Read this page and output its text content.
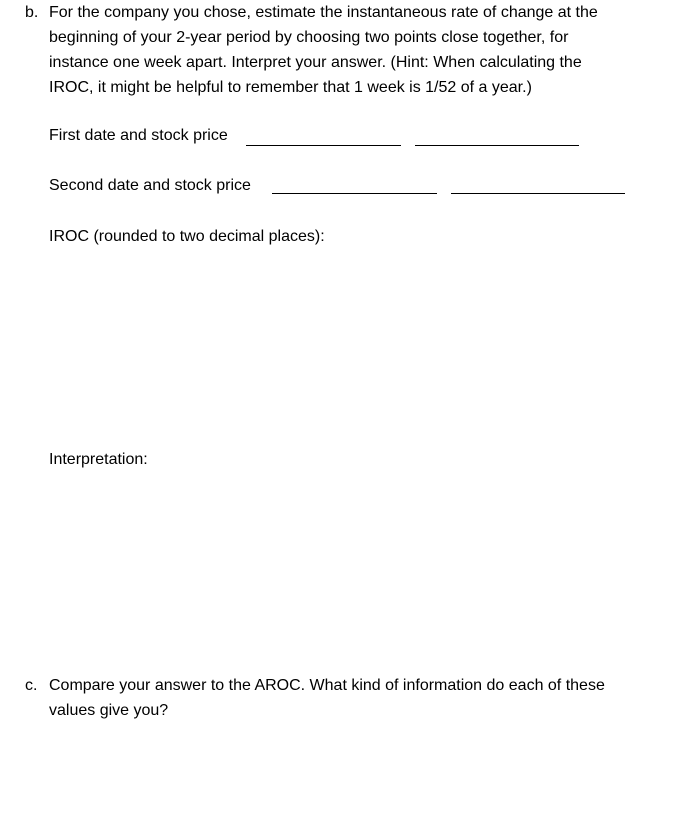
b. For the company you chose, estimate the instantaneous rate of change at the
beginning of your 2-year period by choosing two points close together, for
instance one week apart. Interpret your answer. (Hint: When calculating the
IROC, it might be helpful to remember that 1 week is 1/52 of a year.)
First date and stock price
Second date and stock price
IROC (rounded to two decimal places):
Interpretation:
c. Compare your answer to the AROC. What kind of information do each of these
values give you?
